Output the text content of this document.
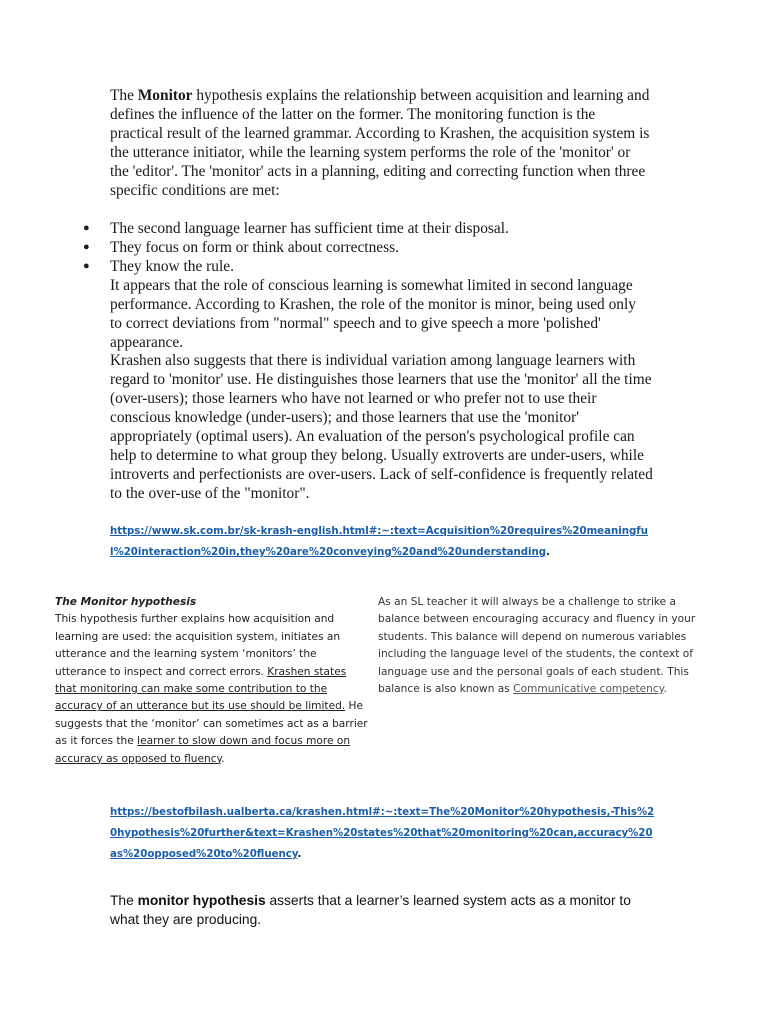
The Monitor hypothesis explains the relationship between acquisition and learning and defines the influence of the latter on the former. The monitoring function is the practical result of the learned grammar. According to Krashen, the acquisition system is the utterance initiator, while the learning system performs the role of the 'monitor' or the 'editor'. The 'monitor' acts in a planning, editing and correcting function when three specific conditions are met:

● The second language learner has sufficient time at their disposal.
● They focus on form or think about correctness.
● They know the rule.

It appears that the role of conscious learning is somewhat limited in second language performance. According to Krashen, the role of the monitor is minor, being used only to correct deviations from "normal" speech and to give speech a more 'polished' appearance.

Krashen also suggests that there is individual variation among language learners with regard to 'monitor' use. He distinguishes those learners that use the 'monitor' all the time (over-users); those learners who have not learned or who prefer not to use their conscious knowledge (under-users); and those learners that use the 'monitor' appropriately (optimal users). An evaluation of the person's psychological profile can help to determine to what group they belong. Usually extroverts are under-users, while introverts and perfectionists are over-users. Lack of self-confidence is frequently related to the over-use of the "monitor".

https://www.sk.com.br/sk-krash-english.html#:~:text=Acquisition%20requires%20meaningful%20interaction%20in,they%20are%20conveying%20and%20understanding.

The Monitor hypothesis
This hypothesis further explains how acquisition and learning are used: the acquisition system, initiates an utterance and the learning system ‘monitors’ the utterance to inspect and correct errors. Krashen states that monitoring can make some contribution to the accuracy of an utterance but its use should be limited. He suggests that the ‘monitor’ can sometimes act as a barrier as it forces the learner to slow down and focus more on accuracy as opposed to fluency.
As an SL teacher it will always be a challenge to strike a balance between encouraging accuracy and fluency in your students. This balance will depend on numerous variables including the language level of the students, the context of language use and the personal goals of each student. This balance is also known as Communicative competency.

https://bestofbilash.ualberta.ca/krashen.html#:~:text=The%20Monitor%20hypothesis,-This%20hypothesis%20further&text=Krashen%20states%20that%20monitoring%20can,accuracy%20as%20opposed%20to%20fluency.

The monitor hypothesis asserts that a learner’s learned system acts as a monitor to what they are producing.
